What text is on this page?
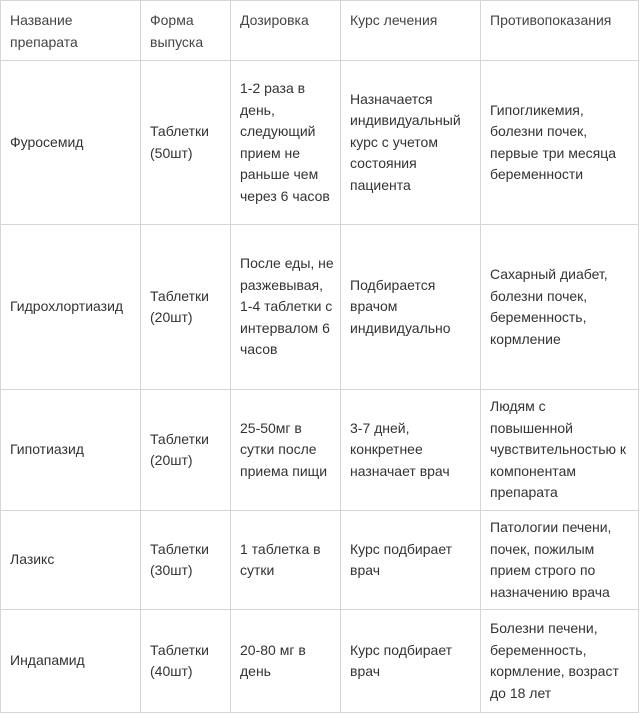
Название препарата	Форма выпуска	Дозировка	Курс лечения	Противопоказания

Фуросемид	Таблетки (50шт)	1-2 раза в день, следующий прием не раньше чем через 6 часов	Назначается индивидуальный курс с учетом состояния пациента	Гипогликемия, болезни почек, первые три месяца беременности

Гидрохлортиазид	Таблетки (20шт)	После еды, не разжевывая, 1-4 таблетки с интервалом 6 часов	Подбирается врачом индивидуально	Сахарный диабет, болезни почек, беременность, кормление

Гипотиазид	Таблетки (20шт)	25-50мг в сутки после приема пищи	3-7 дней, конкретнее назначает врач	Людям с повышенной чувствительностью к компонентам препарата

Лазикс	Таблетки (30шт)	1 таблетка в сутки	Курс подбирает врач	Патологии печени, почек, пожилым прием строго по назначению врача

Индапамид	Таблетки (40шт)	20-80 мг в день	Курс подбирает врач	Болезни печени, беременность, кормление, возраст до 18 лет
